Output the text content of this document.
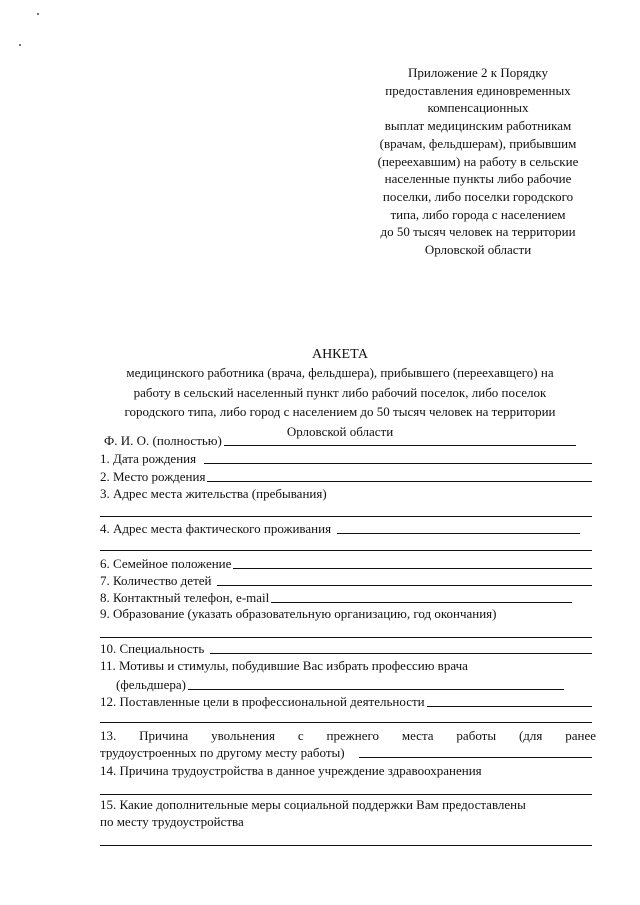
Приложение 2 к Порядку
предоставления единовременных
компенсационных
выплат медицинским работникам
(врачам, фельдшерам), прибывшим
(переехавшим) на работу в сельские
населенные пункты либо рабочие
поселки, либо поселки городского
типа, либо города с населением
до 50 тысяч человек на территории
Орловской области
АНКЕТА
медицинского работника (врача, фельдшера), прибывшего (переехавщего) на
работу в сельский населенный пункт либо рабочий поселок, либо поселок
городского типа, либо город с населением до 50 тысяч человек на территории
Орловской области
Ф. И. О. (полностью)
1. Дата рождения
2. Место рождения
3. Адрес места жительства (пребывания)
4. Адрес места фактического проживания
6. Семейное положение
7. Количество детей
8. Контактный телефон, e-mail
9. Образование (указать образовательную организацию, год окончания)
10. Специальность
11. Мотивы и стимулы, побудившие Вас избрать профессию врача
(фельдшера)
12. Поставленные цели в профессиональной деятельности
13. Причина увольнения с прежнего места работы (для ранее
трудоустроенных по другому месту работы)
14. Причина трудоустройства в данное учреждение здравоохранения
15. Какие дополнительные меры социальной поддержки Вам предоставлены
по месту трудоустройства
